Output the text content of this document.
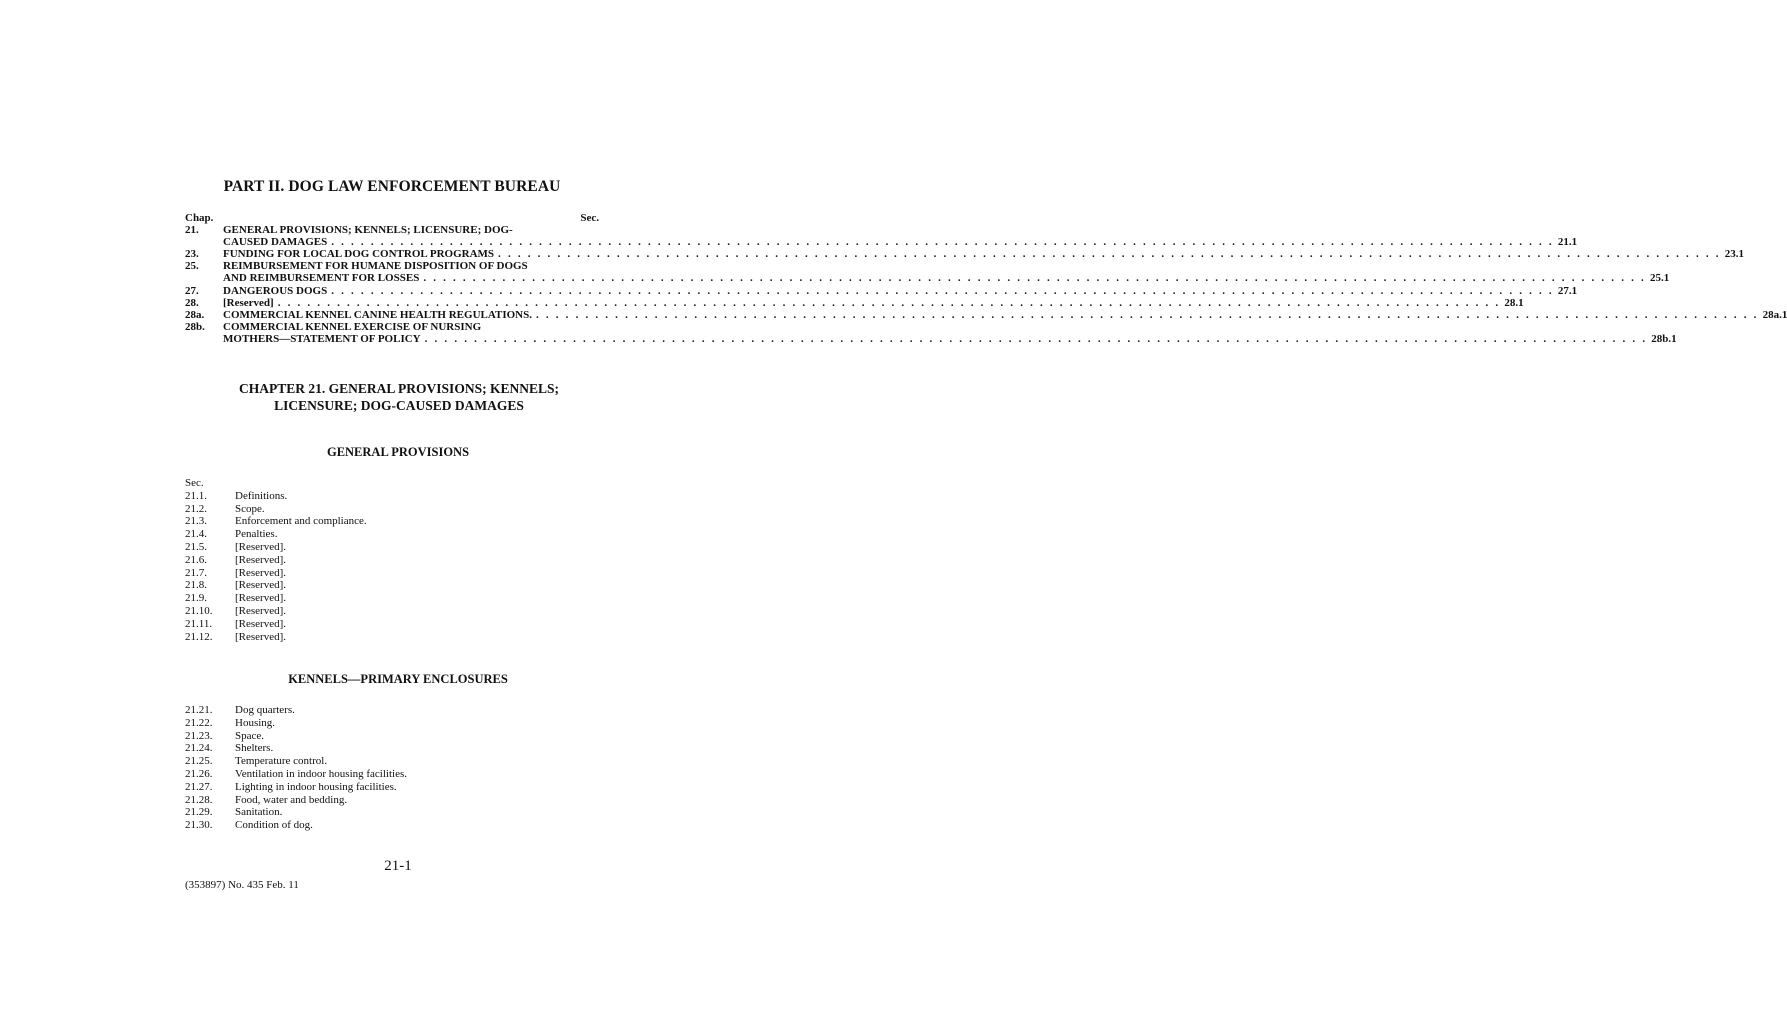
PART II. DOG LAW ENFORCEMENT BUREAU
Chap.	Sec.
21.	GENERAL PROVISIONS; KENNELS; LICENSURE; DOG-
CAUSED DAMAGES . . .	21.1
23.	FUNDING FOR LOCAL DOG CONTROL PROGRAMS . . .	23.1
25.	REIMBURSEMENT FOR HUMANE DISPOSITION OF DOGS
AND REIMBURSEMENT FOR LOSSES . . .	25.1
27.	DANGEROUS DOGS . . .	27.1
28.	[Reserved] . . .	28.1
28a.	COMMERCIAL KENNEL CANINE HEALTH REGULATIONS. . . .	28a.1
28b.	COMMERCIAL KENNEL EXERCISE OF NURSING
MOTHERS—STATEMENT OF POLICY . . .	28b.1
CHAPTER 21. GENERAL PROVISIONS; KENNELS;
LICENSURE; DOG-CAUSED DAMAGES
GENERAL PROVISIONS
Sec.
21.1.	Definitions.
21.2.	Scope.
21.3.	Enforcement and compliance.
21.4.	Penalties.
21.5.	[Reserved].
21.6.	[Reserved].
21.7.	[Reserved].
21.8.	[Reserved].
21.9.	[Reserved].
21.10.	[Reserved].
21.11.	[Reserved].
21.12.	[Reserved].
KENNELS—PRIMARY ENCLOSURES
21.21.	Dog quarters.
21.22.	Housing.
21.23.	Space.
21.24.	Shelters.
21.25.	Temperature control.
21.26.	Ventilation in indoor housing facilities.
21.27.	Lighting in indoor housing facilities.
21.28.	Food, water and bedding.
21.29.	Sanitation.
21.30.	Condition of dog.
21-1
(353897) No. 435 Feb. 11
